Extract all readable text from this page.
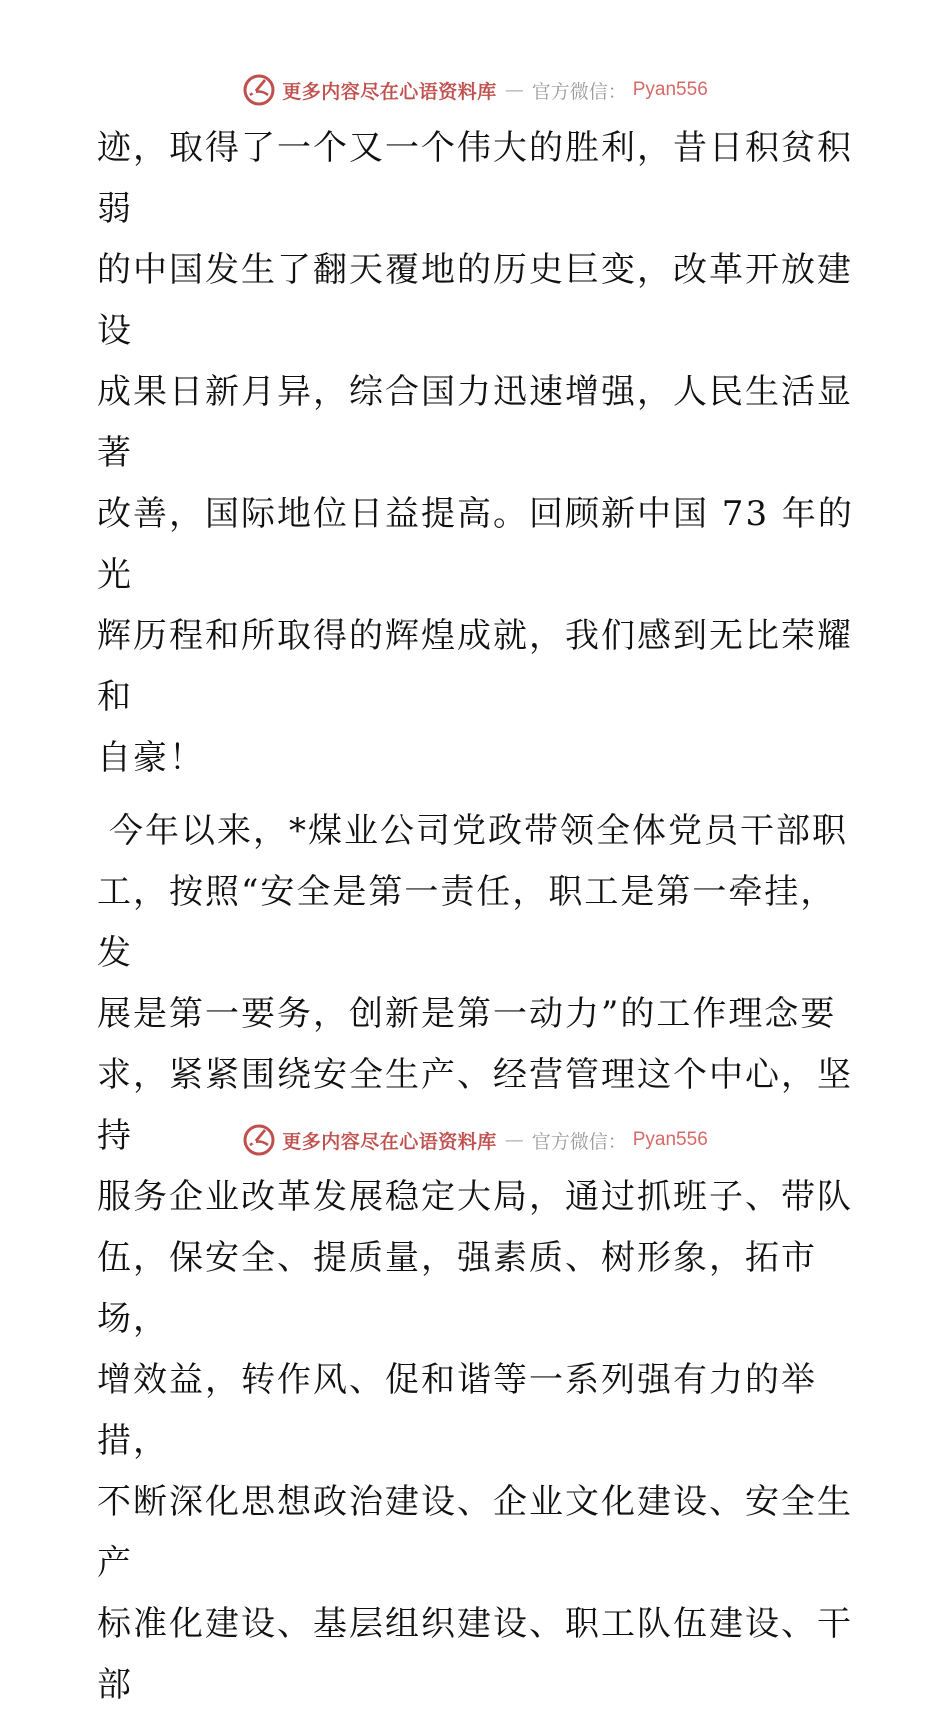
更多内容尽在心语资料库 — 官方微信： Pyan556

迹，取得了一个又一个伟大的胜利，昔日积贫积弱
的中国发生了翻天覆地的历史巨变，改革开放建设
成果日新月异，综合国力迅速增强，人民生活显著
改善，国际地位日益提高。回顾新中国 73 年的光
辉历程和所取得的辉煌成就，我们感到无比荣耀和
自豪！

今年以来，*煤业公司党政带领全体党员干部职
工，按照“安全是第一责任，职工是第一牵挂，发
展是第一要务，创新是第一动力”的工作理念要
求，紧紧围绕安全生产、经营管理这个中心，坚持
服务企业改革发展稳定大局，通过抓班子、带队
伍，保安全、提质量，强素质、树形象，拓市场，
增效益，转作风、促和谐等一系列强有力的举措，
不断深化思想政治建设、企业文化建设、安全生产
标准化建设、基层组织建设、职工队伍建设、干部

更多内容尽在心语资料库 — 官方微信： Pyan556
